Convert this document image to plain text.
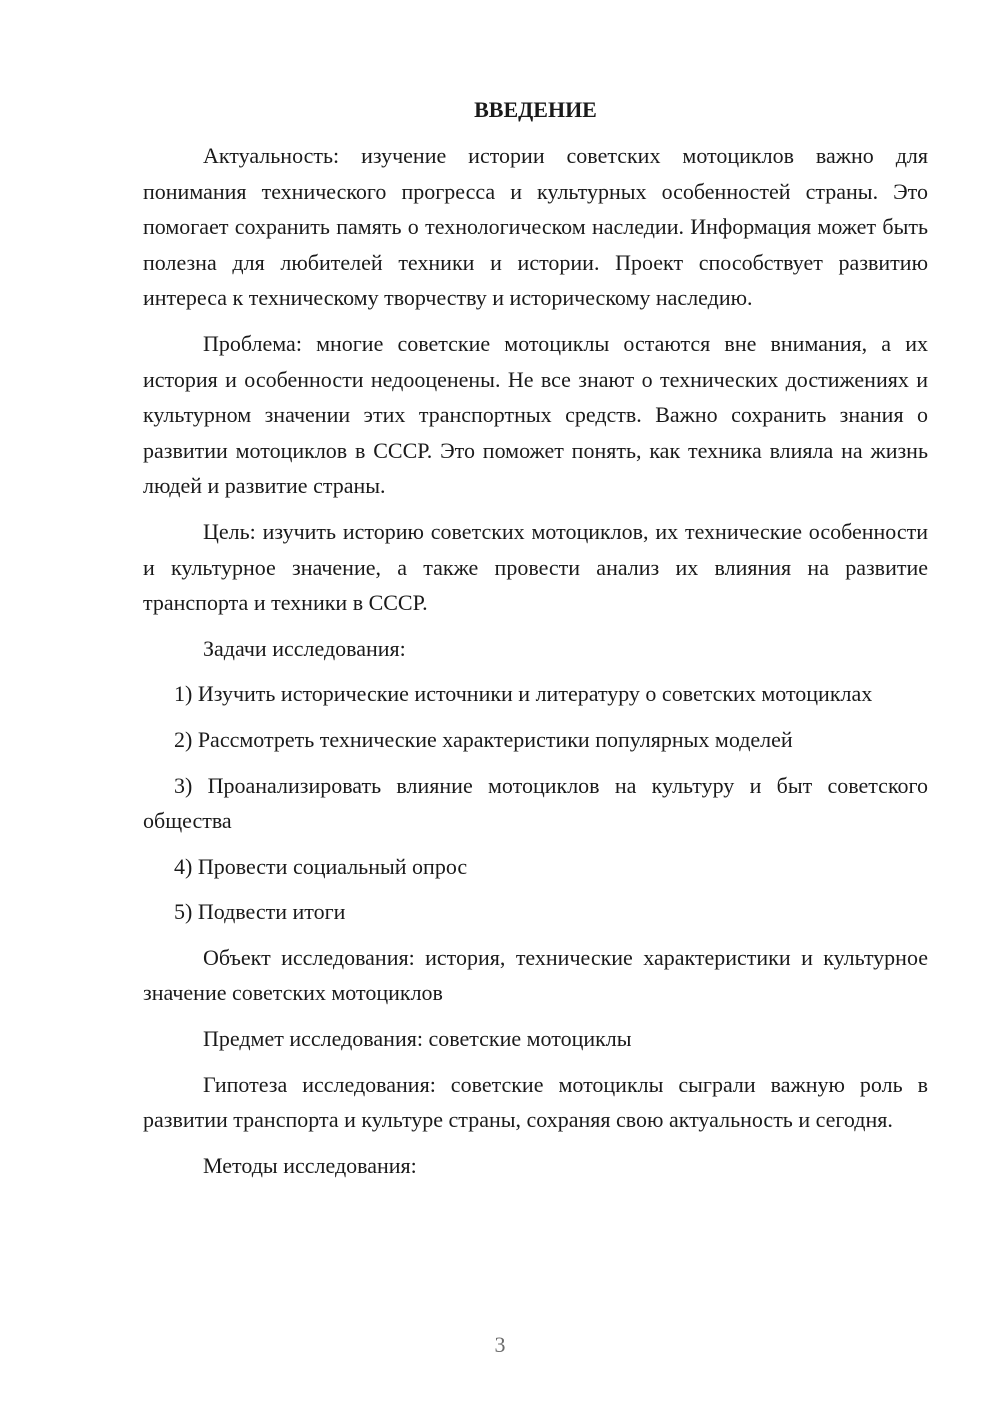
ВВЕДЕНИЕ

Актуальность: изучение истории советских мотоциклов важно для понимания технического прогресса и культурных особенностей страны. Это помогает сохранить память о технологическом наследии. Информация может быть полезна для любителей техники и истории. Проект способствует развитию интереса к техническому творчеству и историческому наследию.

Проблема: многие советские мотоциклы остаются вне внимания, а их история и особенности недооценены. Не все знают о технических достижениях и культурном значении этих транспортных средств. Важно сохранить знания о развитии мотоциклов в СССР. Это поможет понять, как техника влияла на жизнь людей и развитие страны.

Цель: изучить историю советских мотоциклов, их технические особенности и культурное значение, а также провести анализ их влияния на развитие транспорта и техники в СССР.

Задачи исследования:

1) Изучить исторические источники и литературу о советских мотоциклах

2) Рассмотреть технические характеристики популярных моделей

3) Проанализировать влияние мотоциклов на культуру и быт советского общества

4) Провести социальный опрос

5) Подвести итоги

Объект исследования: история, технические характеристики и культурное значение советских мотоциклов

Предмет исследования: советские мотоциклы

Гипотеза исследования: советские мотоциклы сыграли важную роль в развитии транспорта и культуре страны, сохраняя свою актуальность и сегодня.

Методы исследования:

3
